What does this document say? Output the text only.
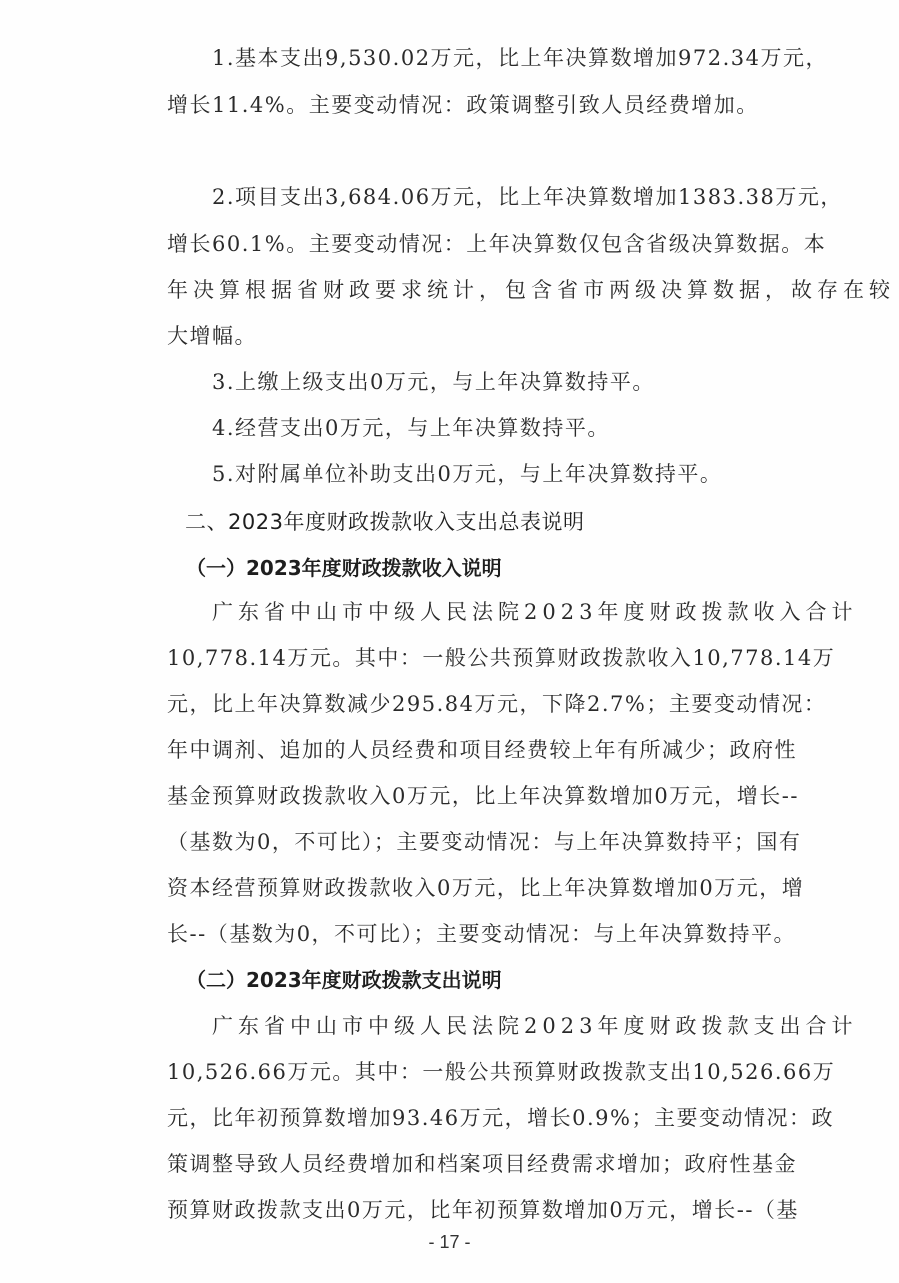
1.基本支出9,530.02万元，比上年决算数增加972.34万元，
增长11.4%。主要变动情况：政策调整引致人员经费增加。
2.项目支出3,684.06万元，比上年决算数增加1383.38万元，
增长60.1%。主要变动情况：上年决算数仅包含省级决算数据。本
年决算根据省财政要求统计，包含省市两级决算数据，故存在较
大增幅。
3.上缴上级支出0万元，与上年决算数持平。
4.经营支出0万元，与上年决算数持平。
5.对附属单位补助支出0万元，与上年决算数持平。
二、2023年度财政拨款收入支出总表说明
（一）2023年度财政拨款收入说明
广东省中山市中级人民法院2023年度财政拨款收入合计
10,778.14万元。其中：一般公共预算财政拨款收入10,778.14万
元，比上年决算数减少295.84万元，下降2.7%；主要变动情况：
年中调剂、追加的人员经费和项目经费较上年有所减少；政府性
基金预算财政拨款收入0万元，比上年决算数增加0万元，增长--
（基数为0，不可比）；主要变动情况：与上年决算数持平；国有
资本经营预算财政拨款收入0万元，比上年决算数增加0万元，增
长--（基数为0，不可比）；主要变动情况：与上年决算数持平。
（二）2023年度财政拨款支出说明
广东省中山市中级人民法院2023年度财政拨款支出合计
10,526.66万元。其中：一般公共预算财政拨款支出10,526.66万
元，比年初预算数增加93.46万元，增长0.9%；主要变动情况：政
策调整导致人员经费增加和档案项目经费需求增加；政府性基金
预算财政拨款支出0万元，比年初预算数增加0万元，增长--（基
- 17 -
